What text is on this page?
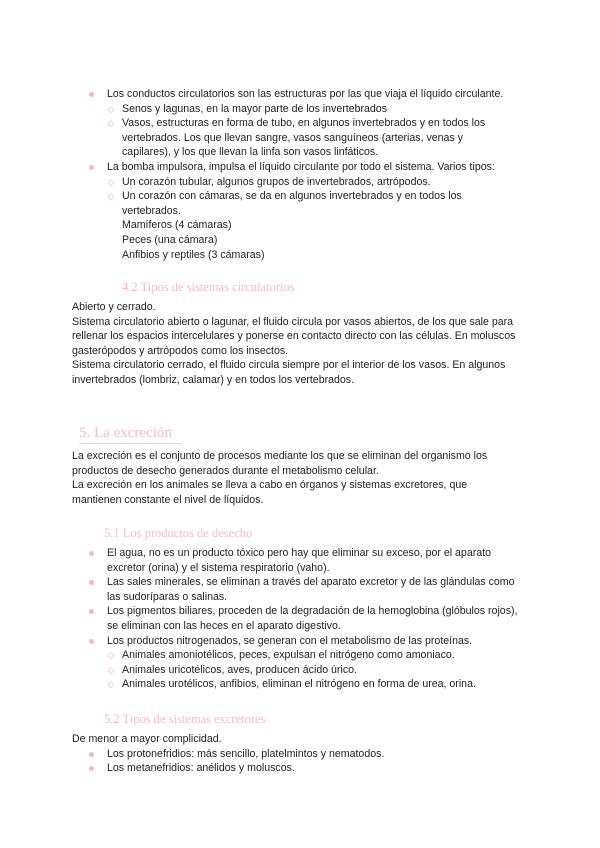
Los conductos circulatorios son las estructuras por las que viaja el líquido circulante.
◇ Senos y lagunas, en la mayor parte de los invertebrados
◇ Vasos, estructuras en forma de tubo, en algunos invertebrados y en todos los vertebrados. Los que llevan sangre, vasos sanguíneos (arterias, venas y capilares), y los que llevan la linfa son vasos linfáticos.
La bomba impulsora, impulsa el líquido circulante por todo el sistema. Varios tipos:
◇ Un corazón tubular, algunos grupos de invertebrados, artrópodos.
◇ Un corazón con cámaras, se da en algunos invertebrados y en todos los vertebrados.
Mamíferos (4 cámaras)
Peces (una cámara)
Anfibios y reptiles (3 cámaras)
4.2 Tipos de sistemas circulatorios

Abierto y cerrado.

Sistema circulatorio abierto o lagunar, el fluido circula por vasos abiertos, de los que sale para rellenar los espacios intercelulares y ponerse en contacto directo con las células. En moluscos gasterópodos y artrópodos como los insectos.

Sistema circulatorio cerrado, el fluido circula siempre por el interior de los vasos. En algunos invertebrados (lombriz, calamar) y en todos los vertebrados.

5. La excreción

La excreción es el conjunto de procesos mediante los que se eliminan del organismo los productos de desecho generados durante el metabolismo celular.

La excreción en los animales se lleva a cabo en órganos y sistemas excretores, que mantienen constante el nivel de líquidos.

5.1 Los productos de desecho
El agua, no es un producto tóxico pero hay que eliminar su exceso, por el aparato excretor (orina) y el sistema respiratorio (vaho).
Las sales minerales, se eliminan a través del aparato excretor y de las glándulas como las sudoríparas o salinas.
Los pigmentos biliares, proceden de la degradación de la hemoglobina (glóbulos rojos), se eliminan con las heces en el aparato digestivo.
Los productos nitrogenados, se generan con el metabolismo de las proteínas.
◇ Animales amoniotélicos, peces, expulsan el nitrógeno como amoniaco.
◇ Animales uricotélicos, aves, producen ácido úrico.
◇ Animales urotélicos, anfibios, eliminan el nitrógeno en forma de urea, orina.
5.2 Tipos de sistemas excretores

De menor a mayor complicidad.

Los protonefridios: más sencillo, platelmintos y nematodos.
Los metanefridios: anélidos y moluscos.
